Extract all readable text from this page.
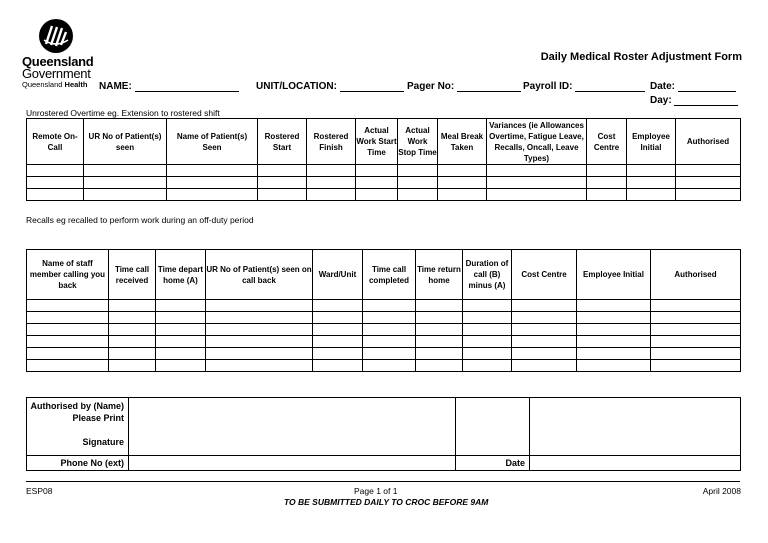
Queensland
Government
Queensland Health
Daily Medical Roster Adjustment Form
NAME:	UNIT/LOCATION:	Pager No:	Payroll ID:	Date:
Day:
Unrostered Overtime eg. Extension to rostered shift
Remote On-Call	UR No of Patient(s) seen	Name of Patient(s) Seen	Rostered Start	Rostered Finish	Actual Work Start Time	Actual Work Stop Time	Meal Break Taken	Variances (ie Allowances Overtime, Fatigue Leave, Recalls, Oncall, Leave Types)	Cost Centre	Employee Initial	Authorised

Recalls eg recalled to perform work during an off-duty period
Name of staff member calling you back	Time call received	Time depart home (A)	UR No of Patient(s) seen on call back	Ward/Unit	Time call completed	Time return home	Duration of call (B) minus (A)	Cost Centre	Employee Initial	Authorised

Authorised by (Name)
Please Print
Signature			

Phone No (ext)		Date	
ESP08	Page 1 of 1	April 2008
TO BE SUBMITTED DAILY TO CROC BEFORE 9AM
